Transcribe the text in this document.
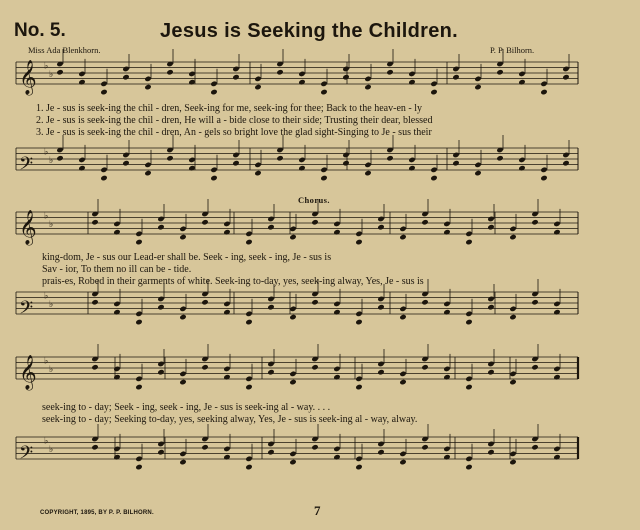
No. 5.	Jesus is Seeking the Children.
Miss Ada Blenkhorn.	P. P. Bilhorn.
𝄞 ♭
♭
𝄢
♭
♭
𝄞 ♭
♭
𝄢
♭
♭
𝄞 ♭
♭
𝄢
♭
♭
1. Je - sus is seek-ing the chil - dren, Seek-ing for me, seek-ing for thee; Back to the heav-en - ly
2. Je - sus is seek-ing the chil - dren, He will a - bide close to their side; Trusting their dear, blessed
3. Je - sus is seek-ing the chil - dren, An - gels so bright love the glad sight-Singing to Je - sus their
Chorus.
king-dom, Je - sus our Lead-er shall be. Seek - ing, seek - ing, Je - sus is
Sav - ior, To them no ill can be - tide.
prais-es, Robed in their garments of white. Seek-ing to-day, yes, seek-ing alway, Yes, Je - sus is
seek-ing to - day; Seek - ing, seek - ing, Je - sus is seek-ing al - way. . . .
seek-ing to - day; Seeking to-day, yes, seeking alway, Yes, Je - sus is seek-ing al - way, alway.
COPYRIGHT, 1895, BY P. P. BILHORN.	7
